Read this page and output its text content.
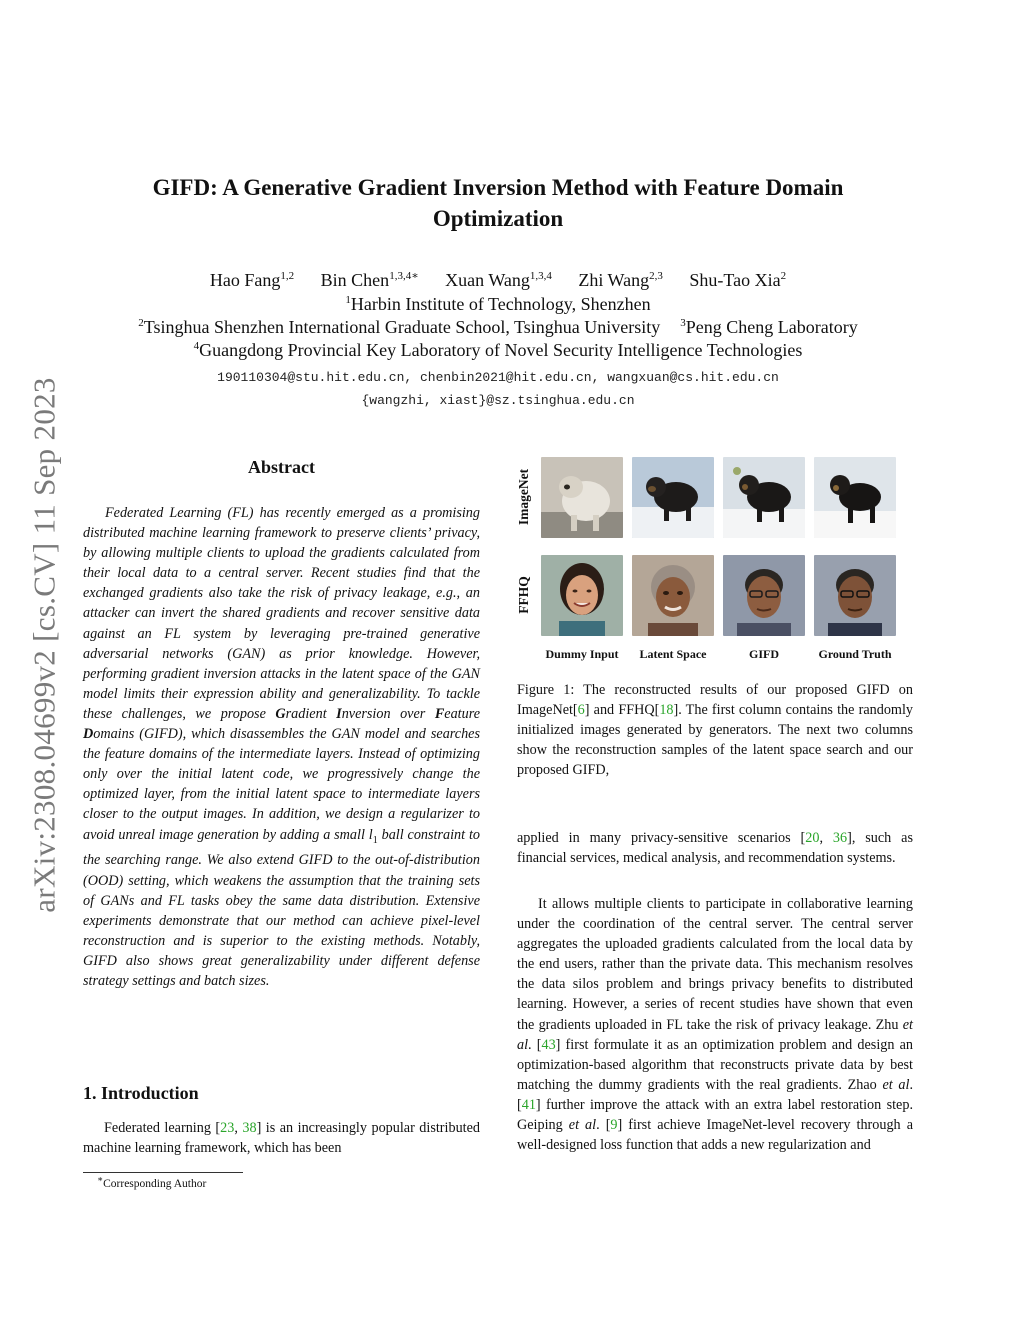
arXiv:2308.04699v2 [cs.CV] 11 Sep 2023
GIFD: A Generative Gradient Inversion Method with Feature Domain
Optimization
Hao Fang$^{1,2}$ Bin Chen$^{1,3,4∗}$ Xuan Wang$^{1,3,4}$ Zhi Wang$^{2,3}$ Shu-Tao Xia$^2$
$^1$Harbin Institute of Technology, Shenzhen
$^2$Tsinghua Shenzhen International Graduate School, Tsinghua University $^3$Peng Cheng Laboratory
$^4$Guangdong Provincial Key Laboratory of Novel Security Intelligence Technologies
190110304@stu.hit.edu.cn, chenbin2021@hit.edu.cn, wangxuan@cs.hit.edu.cn
{wangzhi, xiast}@sz.tsinghua.edu.cn
Abstract
Federated Learning (FL) has recently emerged as a promising distributed machine learning framework to preserve clients’ privacy, by allowing multiple clients to upload the gradients calculated from their local data to a central server. Recent studies find that the exchanged gradients also take the risk of privacy leakage, e.g., an attacker can invert the shared gradients and recover sensitive data against an FL system by leveraging pre-trained generative adversarial networks (GAN) as prior knowledge. However, performing gradient inversion attacks in the latent space of the GAN model limits their expression ability and generalizability. To tackle these challenges, we propose Gradient Inversion over Feature Domains (GIFD), which disassembles the GAN model and searches the feature domains of the intermediate layers. Instead of optimizing only over the initial latent code, we progressively change the optimized layer, from the initial latent space to intermediate layers closer to the output images. In addition, we design a regularizer to avoid unreal image generation by adding a small $l_1$ ball constraint to the searching range. We also extend GIFD to the out-of-distribution (OOD) setting, which weakens the assumption that the training sets of GANs and FL tasks obey the same data distribution. Extensive experiments demonstrate that our method can achieve pixel-level reconstruction and is superior to the existing methods. Notably, GIFD also shows great generalizability under different defense strategy settings and batch sizes.
1. Introduction
Federated learning [23, 38] is an increasingly popular distributed machine learning framework, which has been
∗Corresponding Author
ImageNet
FFHQ
Dummy Input	Latent Space	GIFD	Ground Truth
Figure 1: The reconstructed results of our proposed GIFD on ImageNet[6] and FFHQ[18]. The first column contains the randomly initialized images generated by generators. The next two columns show the reconstruction samples of the latent space search and our proposed GIFD,
applied in many privacy-sensitive scenarios [20, 36], such as financial services, medical analysis, and recommendation systems.
It allows multiple clients to participate in collaborative learning under the coordination of the central server. The central server aggregates the uploaded gradients calculated from the local data by the end users, rather than the private data. This mechanism resolves the data silos problem and brings privacy benefits to distributed learning. However, a series of recent studies have shown that even the gradients uploaded in FL take the risk of privacy leakage. Zhu et al. [43] first formulate it as an optimization problem and design an optimization-based algorithm that reconstructs private data by best matching the dummy gradients with the real gradients. Zhao et al. [41] further improve the attack with an extra label restoration step. Geiping et al. [9] first achieve ImageNet-level recovery through a well-designed loss function that adds a new regularization and
